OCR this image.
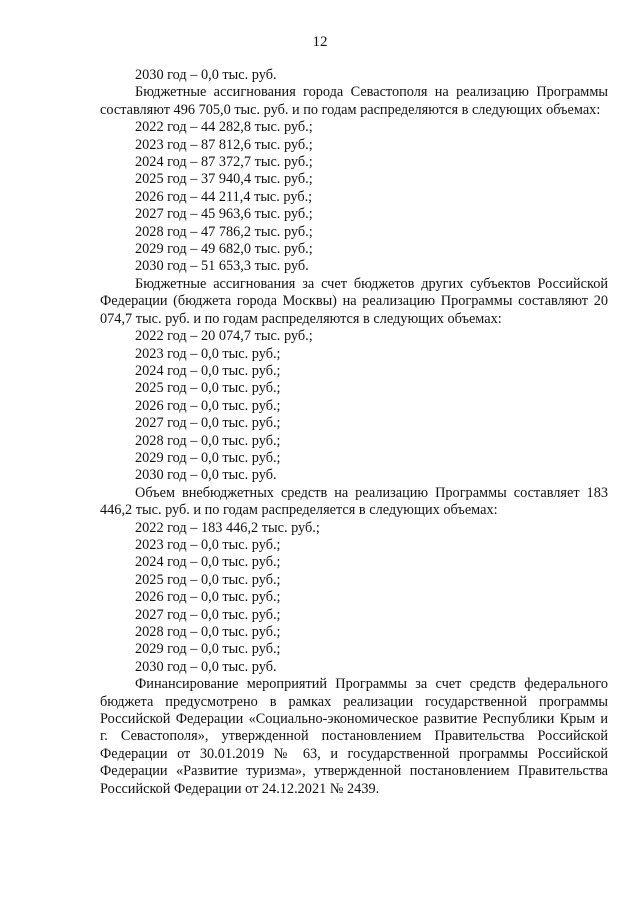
12

2030 год – 0,0 тыс. руб.

Бюджетные ассигнования города Севастополя на реализацию Программы составляют 496 705,0 тыс. руб. и по годам распределяются в следующих объемах:

2022 год – 44 282,8 тыс. руб.;

2023 год – 87 812,6 тыс. руб.;

2024 год – 87 372,7 тыс. руб.;

2025 год – 37 940,4 тыс. руб.;

2026 год – 44 211,4 тыс. руб.;

2027 год – 45 963,6 тыс. руб.;

2028 год – 47 786,2 тыс. руб.;

2029 год – 49 682,0 тыс. руб.;

2030 год – 51 653,3 тыс. руб.

Бюджетные ассигнования за счет бюджетов других субъектов Российской Федерации (бюджета города Москвы) на реализацию Программы составляют 20 074,7 тыс. руб. и по годам распределяются в следующих объемах:

2022 год – 20 074,7 тыс. руб.;

2023 год – 0,0 тыс. руб.;

2024 год – 0,0 тыс. руб.;

2025 год – 0,0 тыс. руб.;

2026 год – 0,0 тыс. руб.;

2027 год – 0,0 тыс. руб.;

2028 год – 0,0 тыс. руб.;

2029 год – 0,0 тыс. руб.;

2030 год – 0,0 тыс. руб.

Объем внебюджетных средств на реализацию Программы составляет 183 446,2 тыс. руб. и по годам распределяется в следующих объемах:

2022 год – 183 446,2 тыс. руб.;

2023 год – 0,0 тыс. руб.;

2024 год – 0,0 тыс. руб.;

2025 год – 0,0 тыс. руб.;

2026 год – 0,0 тыс. руб.;

2027 год – 0,0 тыс. руб.;

2028 год – 0,0 тыс. руб.;

2029 год – 0,0 тыс. руб.;

2030 год – 0,0 тыс. руб.

Финансирование мероприятий Программы за счет средств федерального бюджета предусмотрено в рамках реализации государственной программы Российской Федерации «Социально-экономическое развитие Республики Крым и г. Севастополя», утвержденной постановлением Правительства Российской Федерации от 30.01.2019 № 63, и государственной программы Российской Федерации «Развитие туризма», утвержденной постановлением Правительства Российской Федерации от 24.12.2021 № 2439.
